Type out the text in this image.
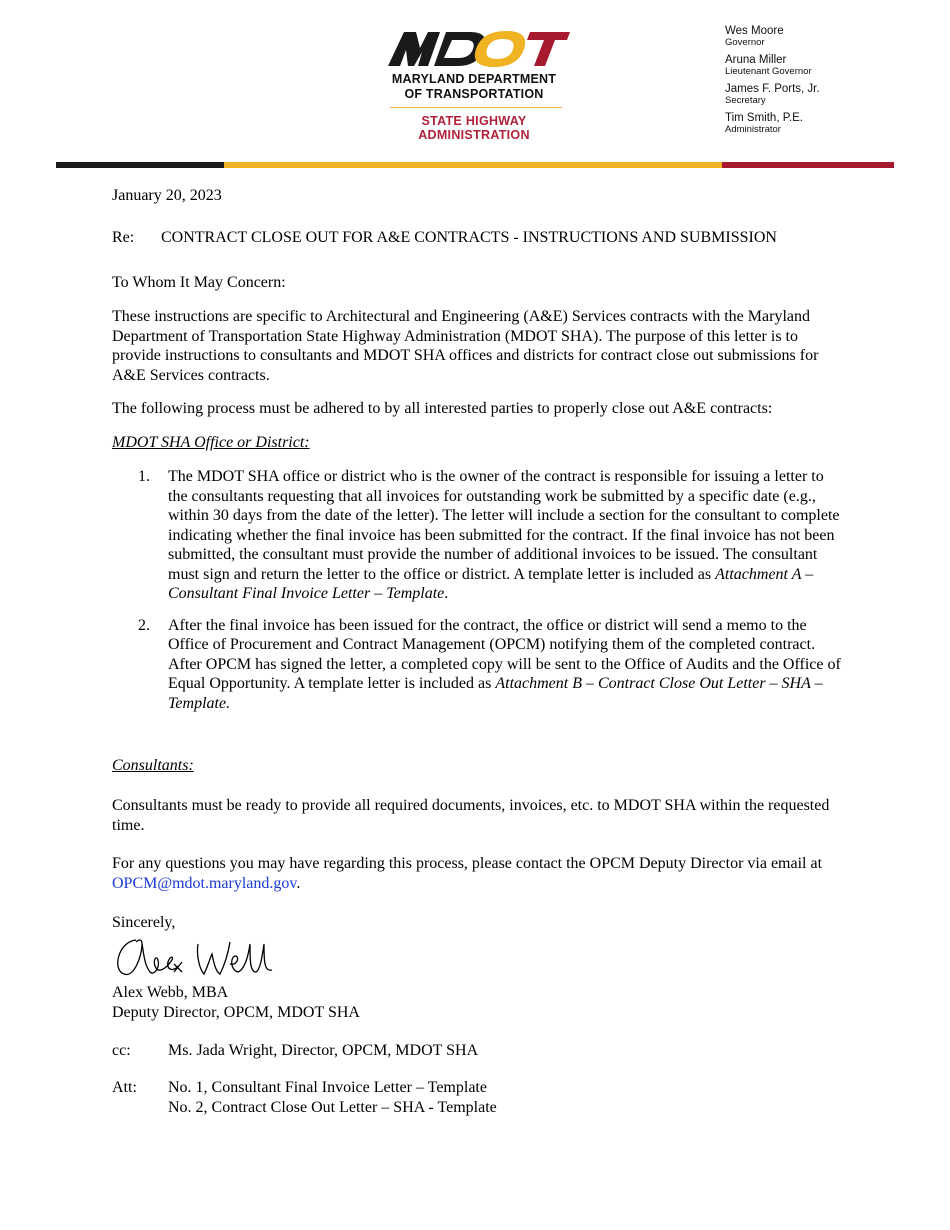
MARYLAND DEPARTMENT
OF TRANSPORTATION
STATE HIGHWAY
ADMINISTRATION
Wes Moore
Governor
Aruna Miller
Lieutenant Governor
James F. Ports, Jr.
Secretary
Tim Smith, P.E.
Administrator
January 20, 2023
Re: CONTRACT CLOSE OUT FOR A&E CONTRACTS - INSTRUCTIONS AND SUBMISSION
To Whom It May Concern:
These instructions are specific to Architectural and Engineering (A&E) Services contracts with the Maryland Department of Transportation State Highway Administration (MDOT SHA). The purpose of this letter is to provide instructions to consultants and MDOT SHA offices and districts for contract close out submissions for A&E Services contracts.
The following process must be adhered to by all interested parties to properly close out A&E contracts:
MDOT SHA Office or District:
1. The MDOT SHA office or district who is the owner of the contract is responsible for issuing a letter to the consultants requesting that all invoices for outstanding work be submitted by a specific date (e.g., within 30 days from the date of the letter). The letter will include a section for the consultant to complete indicating whether the final invoice has been submitted for the contract. If the final invoice has not been submitted, the consultant must provide the number of additional invoices to be issued. The consultant must sign and return the letter to the office or district. A template letter is included as Attachment A – Consultant Final Invoice Letter – Template.
2. After the final invoice has been issued for the contract, the office or district will send a memo to the Office of Procurement and Contract Management (OPCM) notifying them of the completed contract. After OPCM has signed the letter, a completed copy will be sent to the Office of Audits and the Office of Equal Opportunity. A template letter is included as Attachment B – Contract Close Out Letter – SHA – Template.
Consultants:
Consultants must be ready to provide all required documents, invoices, etc. to MDOT SHA within the requested time.
For any questions you may have regarding this process, please contact the OPCM Deputy Director via email at OPCM@mdot.maryland.gov.
Sincerely,
Alex Webb, MBA
Deputy Director, OPCM, MDOT SHA
cc: Ms. Jada Wright, Director, OPCM, MDOT SHA
Att: No. 1, Consultant Final Invoice Letter – Template
No. 2, Contract Close Out Letter – SHA - Template
